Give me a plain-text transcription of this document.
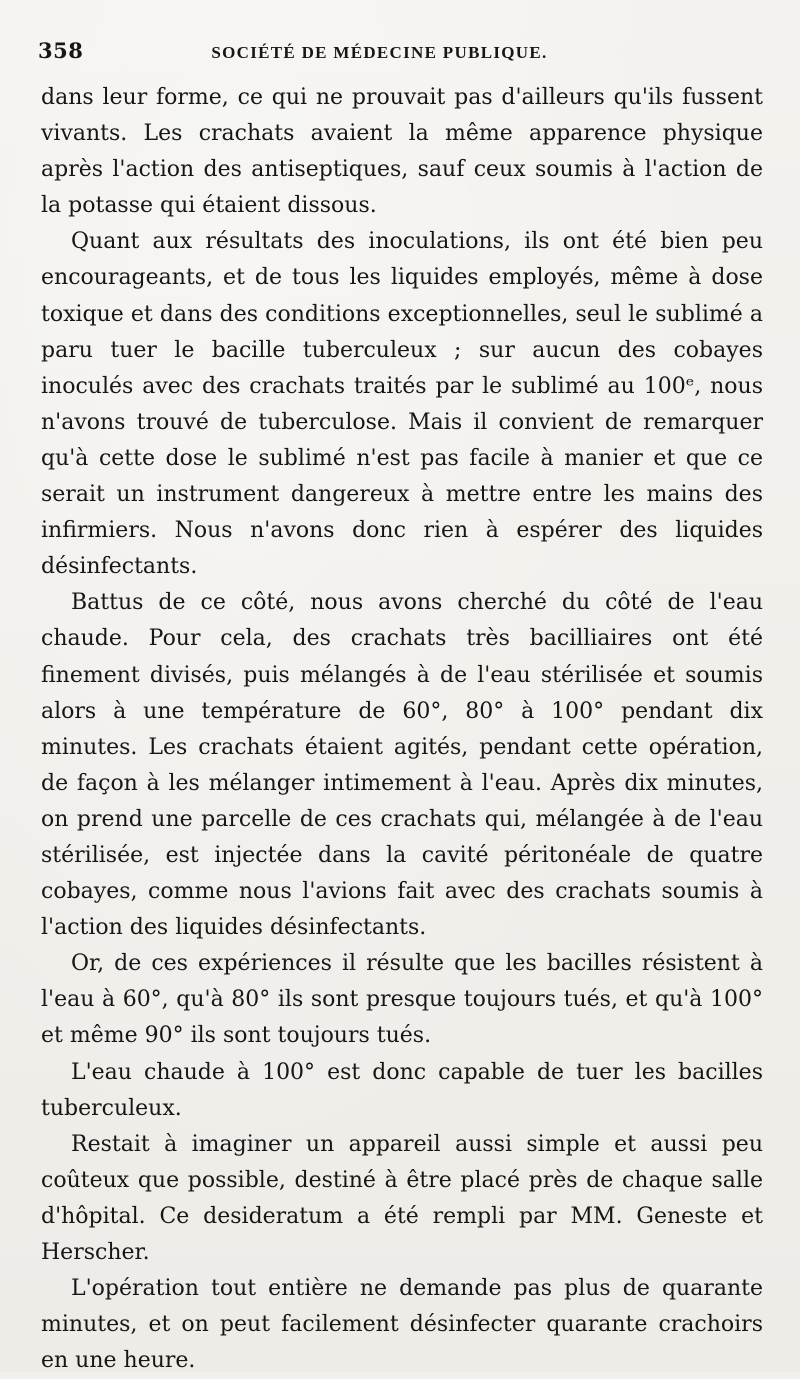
358	SOCIÉTÉ DE MÉDECINE PUBLIQUE.

dans leur forme, ce qui ne prouvait pas d'ailleurs qu'ils fussent vivants. Les crachats avaient la même apparence physique après l'action des antiseptiques, sauf ceux soumis à l'action de la potasse qui étaient dissous.

Quant aux résultats des inoculations, ils ont été bien peu encourageants, et de tous les liquides employés, même à dose toxique et dans des conditions exceptionnelles, seul le sublimé a paru tuer le bacille tuberculeux ; sur aucun des cobayes inoculés avec des crachats traités par le sublimé au 100ᵉ, nous n'avons trouvé de tuberculose. Mais il convient de remarquer qu'à cette dose le sublimé n'est pas facile à manier et que ce serait un instrument dangereux à mettre entre les mains des infirmiers. Nous n'avons donc rien à espérer des liquides désinfectants.

Battus de ce côté, nous avons cherché du côté de l'eau chaude. Pour cela, des crachats très bacilliaires ont été finement divisés, puis mélangés à de l'eau stérilisée et soumis alors à une température de 60°, 80° à 100° pendant dix minutes. Les crachats étaient agités, pendant cette opération, de façon à les mélanger intimement à l'eau. Après dix minutes, on prend une parcelle de ces crachats qui, mélangée à de l'eau stérilisée, est injectée dans la cavité péritonéale de quatre cobayes, comme nous l'avions fait avec des crachats soumis à l'action des liquides désinfectants.

Or, de ces expériences il résulte que les bacilles résistent à l'eau à 60°, qu'à 80° ils sont presque toujours tués, et qu'à 100° et même 90° ils sont toujours tués.

L'eau chaude à 100° est donc capable de tuer les bacilles tuberculeux.

Restait à imaginer un appareil aussi simple et aussi peu coûteux que possible, destiné à être placé près de chaque salle d'hôpital. Ce desideratum a été rempli par MM. Geneste et Herscher.

L'opération tout entière ne demande pas plus de quarante minutes, et on peut facilement désinfecter quarante crachoirs en une heure.
